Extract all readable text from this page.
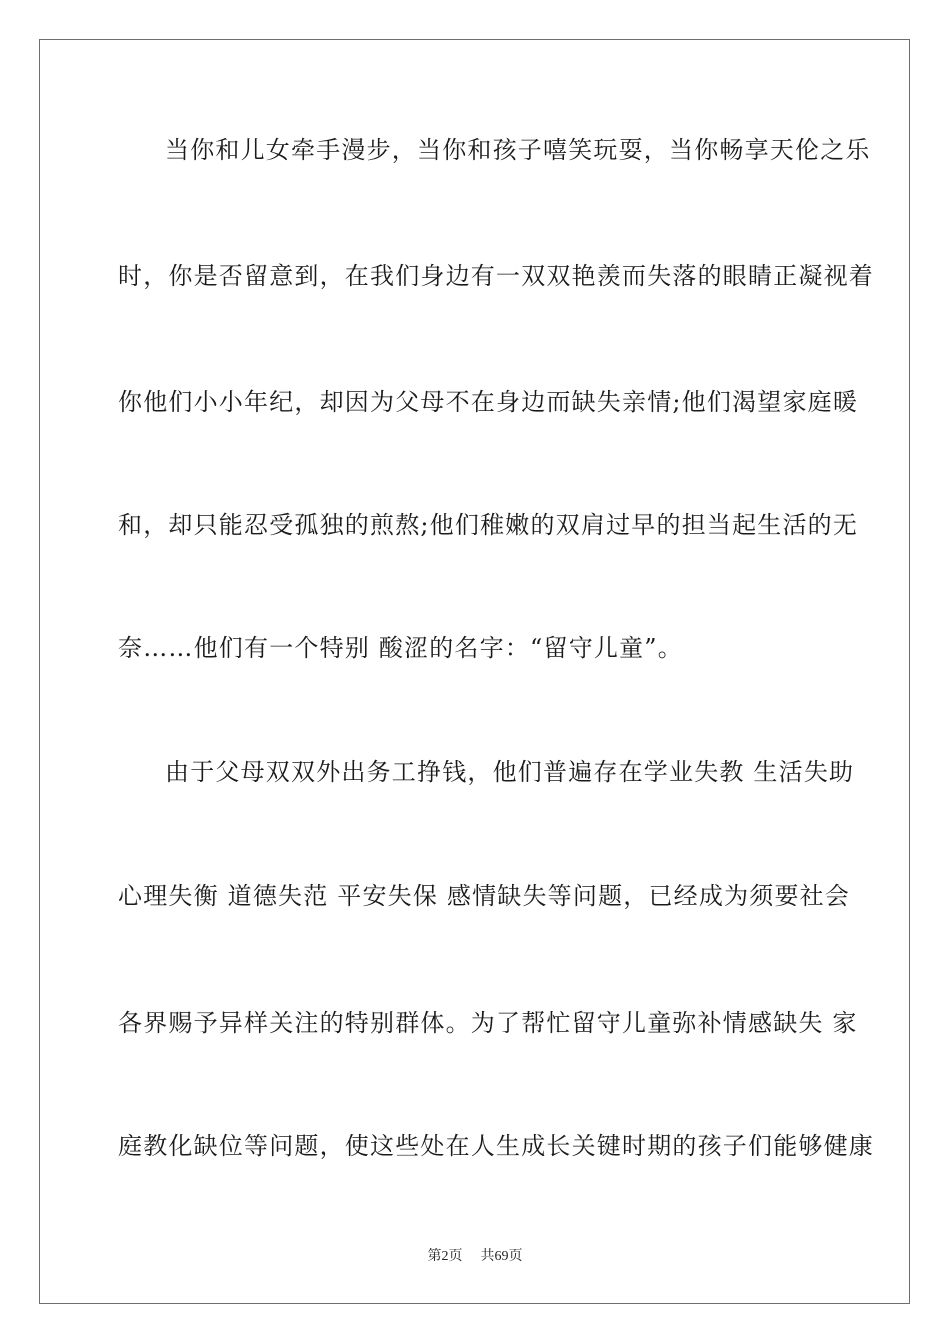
当你和儿女牵手漫步，当你和孩子嘻笑玩耍，当你畅享天伦之乐
时，你是否留意到，在我们身边有一双双艳羡而失落的眼睛正凝视着
你他们小小年纪，却因为父母不在身边而缺失亲情;他们渴望家庭暖
和，却只能忍受孤独的煎熬;他们稚嫩的双肩过早的担当起生活的无
奈……他们有一个特别 酸涩的名字：“留守儿童”。
由于父母双双外出务工挣钱，他们普遍存在学业失教 生活失助
心理失衡 道德失范 平安失保 感情缺失等问题，已经成为须要社会
各界赐予异样关注的特别群体。为了帮忙留守儿童弥补情感缺失 家
庭教化缺位等问题，使这些处在人生成长关键时期的孩子们能够健康
第2页 共69页
